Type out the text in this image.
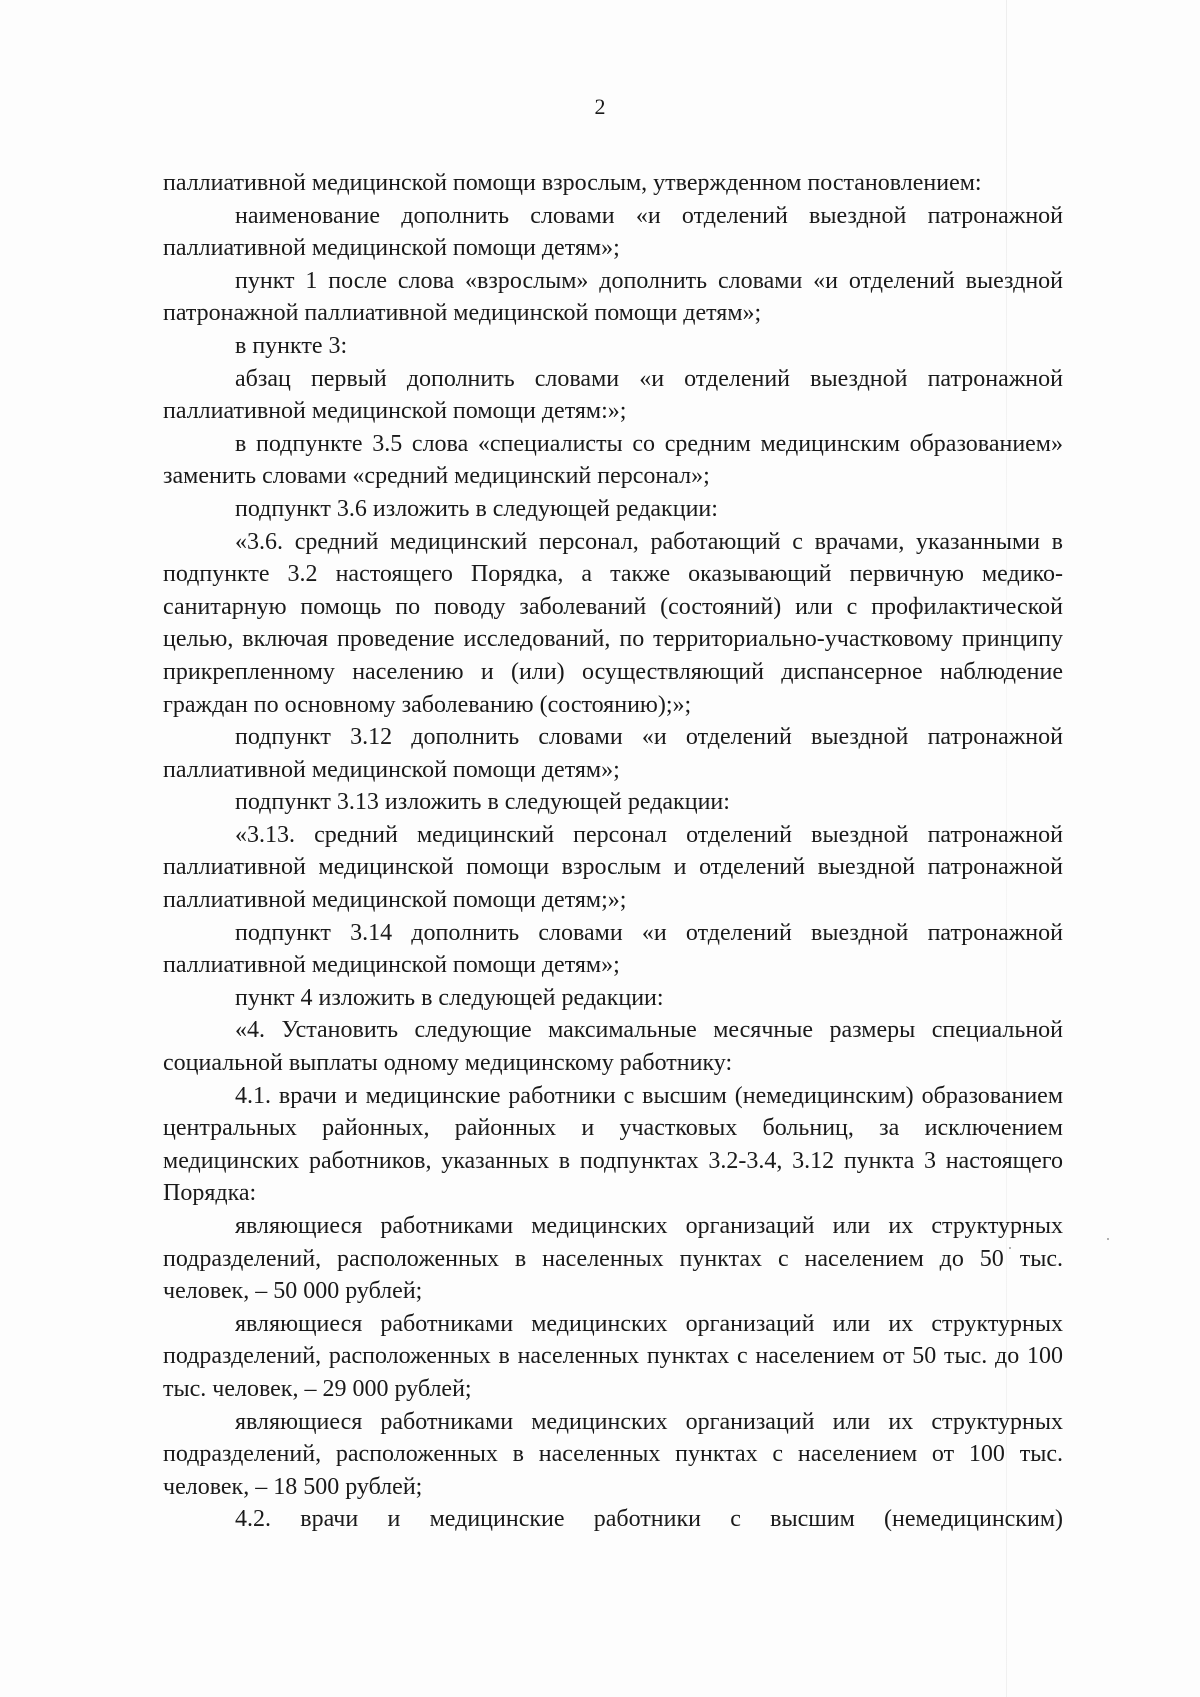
2

паллиативной медицинской помощи взрослым, утвержденном постановлением:

наименование дополнить словами «и отделений выездной патронажной паллиативной медицинской помощи детям»;

пункт 1 после слова «взрослым» дополнить словами «и отделений выездной патронажной паллиативной медицинской помощи детям»;

в пункте 3:

абзац первый дополнить словами «и отделений выездной патронажной паллиативной медицинской помощи детям:»;

в подпункте 3.5 слова «специалисты со средним медицинским образованием» заменить словами «средний медицинский персонал»;

подпункт 3.6 изложить в следующей редакции:

«3.6. средний медицинский персонал, работающий с врачами, указанными в подпункте 3.2 настоящего Порядка, а также оказывающий первичную медико-санитарную помощь по поводу заболеваний (состояний) или с профилактической целью, включая проведение исследований, по территориально-участковому принципу прикрепленному населению и (или) осуществляющий диспансерное наблюдение граждан по основному заболеванию (состоянию);»;

подпункт 3.12 дополнить словами «и отделений выездной патронажной паллиативной медицинской помощи детям»;

подпункт 3.13 изложить в следующей редакции:

«3.13. средний медицинский персонал отделений выездной патронажной паллиативной медицинской помощи взрослым и отделений выездной патронажной паллиативной медицинской помощи детям;»;

подпункт 3.14 дополнить словами «и отделений выездной патронажной паллиативной медицинской помощи детям»;

пункт 4 изложить в следующей редакции:

«4. Установить следующие максимальные месячные размеры специальной социальной выплаты одному медицинскому работнику:

4.1. врачи и медицинские работники с высшим (немедицинским) образованием центральных районных, районных и участковых больниц, за исключением медицинских работников, указанных в подпунктах 3.2-3.4, 3.12 пункта 3 настоящего Порядка:

являющиеся работниками медицинских организаций или их структурных подразделений, расположенных в населенных пунктах с населением до 50 тыс. человек, – 50 000 рублей;

являющиеся работниками медицинских организаций или их структурных подразделений, расположенных в населенных пунктах с населением от 50 тыс. до 100 тыс. человек, – 29 000 рублей;

являющиеся работниками медицинских организаций или их структурных подразделений, расположенных в населенных пунктах с населением от 100 тыс. человек, – 18 500 рублей;

4.2. врачи и медицинские работники с высшим (немедицинским)
